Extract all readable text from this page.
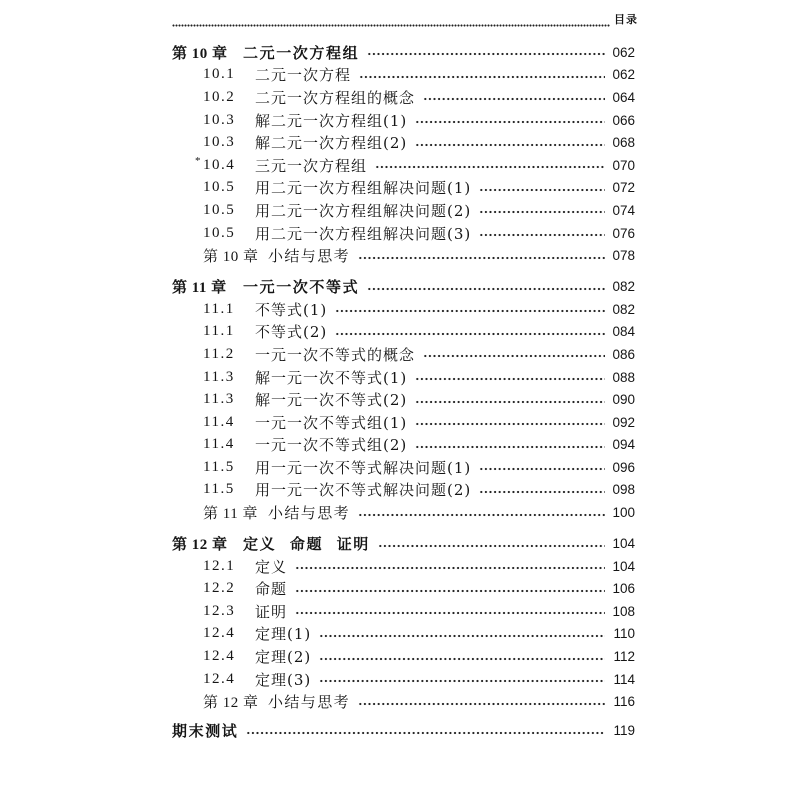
目录
第 10 章	二元一次方程组	062
10.1	二元一次方程	062
10.2	二元一次方程组的概念	064
10.3	解二元一次方程组(1)	066
10.3	解二元一次方程组(2)	068
* 10.4	三元一次方程组	070
10.5	用二元一次方程组解决问题(1)	072
10.5	用二元一次方程组解决问题(2)	074
10.5	用二元一次方程组解决问题(3)	076
第 10 章 小结与思考	078
第 11 章	一元一次不等式	082
11.1	不等式(1)	082
11.1	不等式(2)	084
11.2	一元一次不等式的概念	086
11.3	解一元一次不等式(1)	088
11.3	解一元一次不等式(2)	090
11.4	一元一次不等式组(1)	092
11.4	一元一次不等式组(2)	094
11.5	用一元一次不等式解决问题(1)	096
11.5	用一元一次不等式解决问题(2)	098
第 11 章 小结与思考	100
第 12 章	定义  命题  证明	104
12.1	定义	104
12.2	命题	106
12.3	证明	108
12.4	定理(1)	110
12.4	定理(2)	112
12.4	定理(3)	114
第 12 章 小结与思考	116
期末测试	119
